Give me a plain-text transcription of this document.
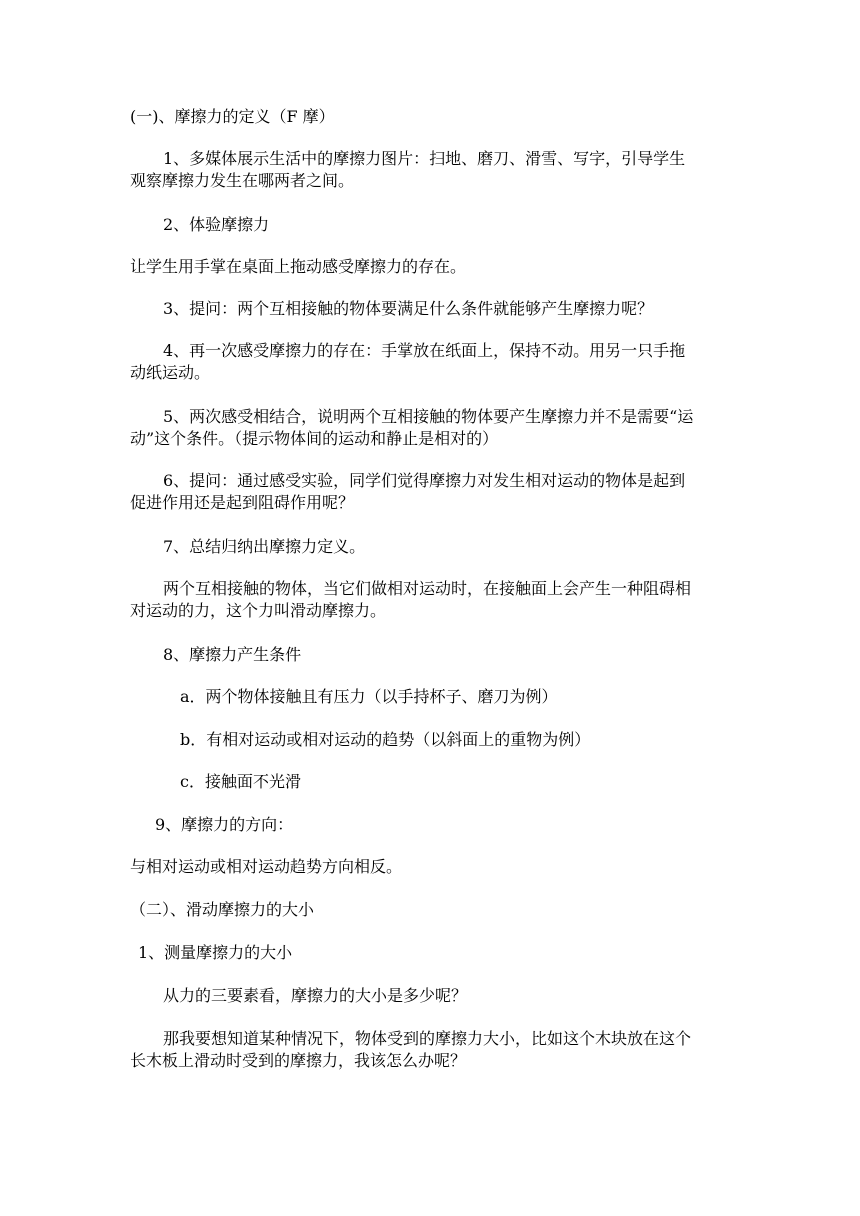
(一)、摩擦力的定义（F 摩）

1、多媒体展示生活中的摩擦力图片：扫地、磨刀、滑雪、写字，引导学生
观察摩擦力发生在哪两者之间。

2、体验摩擦力

让学生用手掌在桌面上拖动感受摩擦力的存在。

3、提问：两个互相接触的物体要满足什么条件就能够产生摩擦力呢？

4、再一次感受摩擦力的存在：手掌放在纸面上，保持不动。用另一只手拖
动纸运动。
5、两次感受相结合，说明两个互相接触的物体要产生摩擦力并不是需要“运
动”这个条件。（提示物体间的运动和静止是相对的）
6、提问：通过感受实验，同学们觉得摩擦力对发生相对运动的物体是起到
促进作用还是起到阻碍作用呢？

7、总结归纳出摩擦力定义。

两个互相接触的物体，当它们做相对运动时，在接触面上会产生一种阻碍相
对运动的力，这个力叫滑动摩擦力。

8、摩擦力产生条件

a．两个物体接触且有压力（以手持杯子、磨刀为例）

b．有相对运动或相对运动的趋势（以斜面上的重物为例）

c．接触面不光滑

9、摩擦力的方向：

与相对运动或相对运动趋势方向相反。

（二）、滑动摩擦力的大小

1、测量摩擦力的大小

从力的三要素看，摩擦力的大小是多少呢？

那我要想知道某种情况下，物体受到的摩擦力大小，比如这个木块放在这个
长木板上滑动时受到的摩擦力，我该怎么办呢？
